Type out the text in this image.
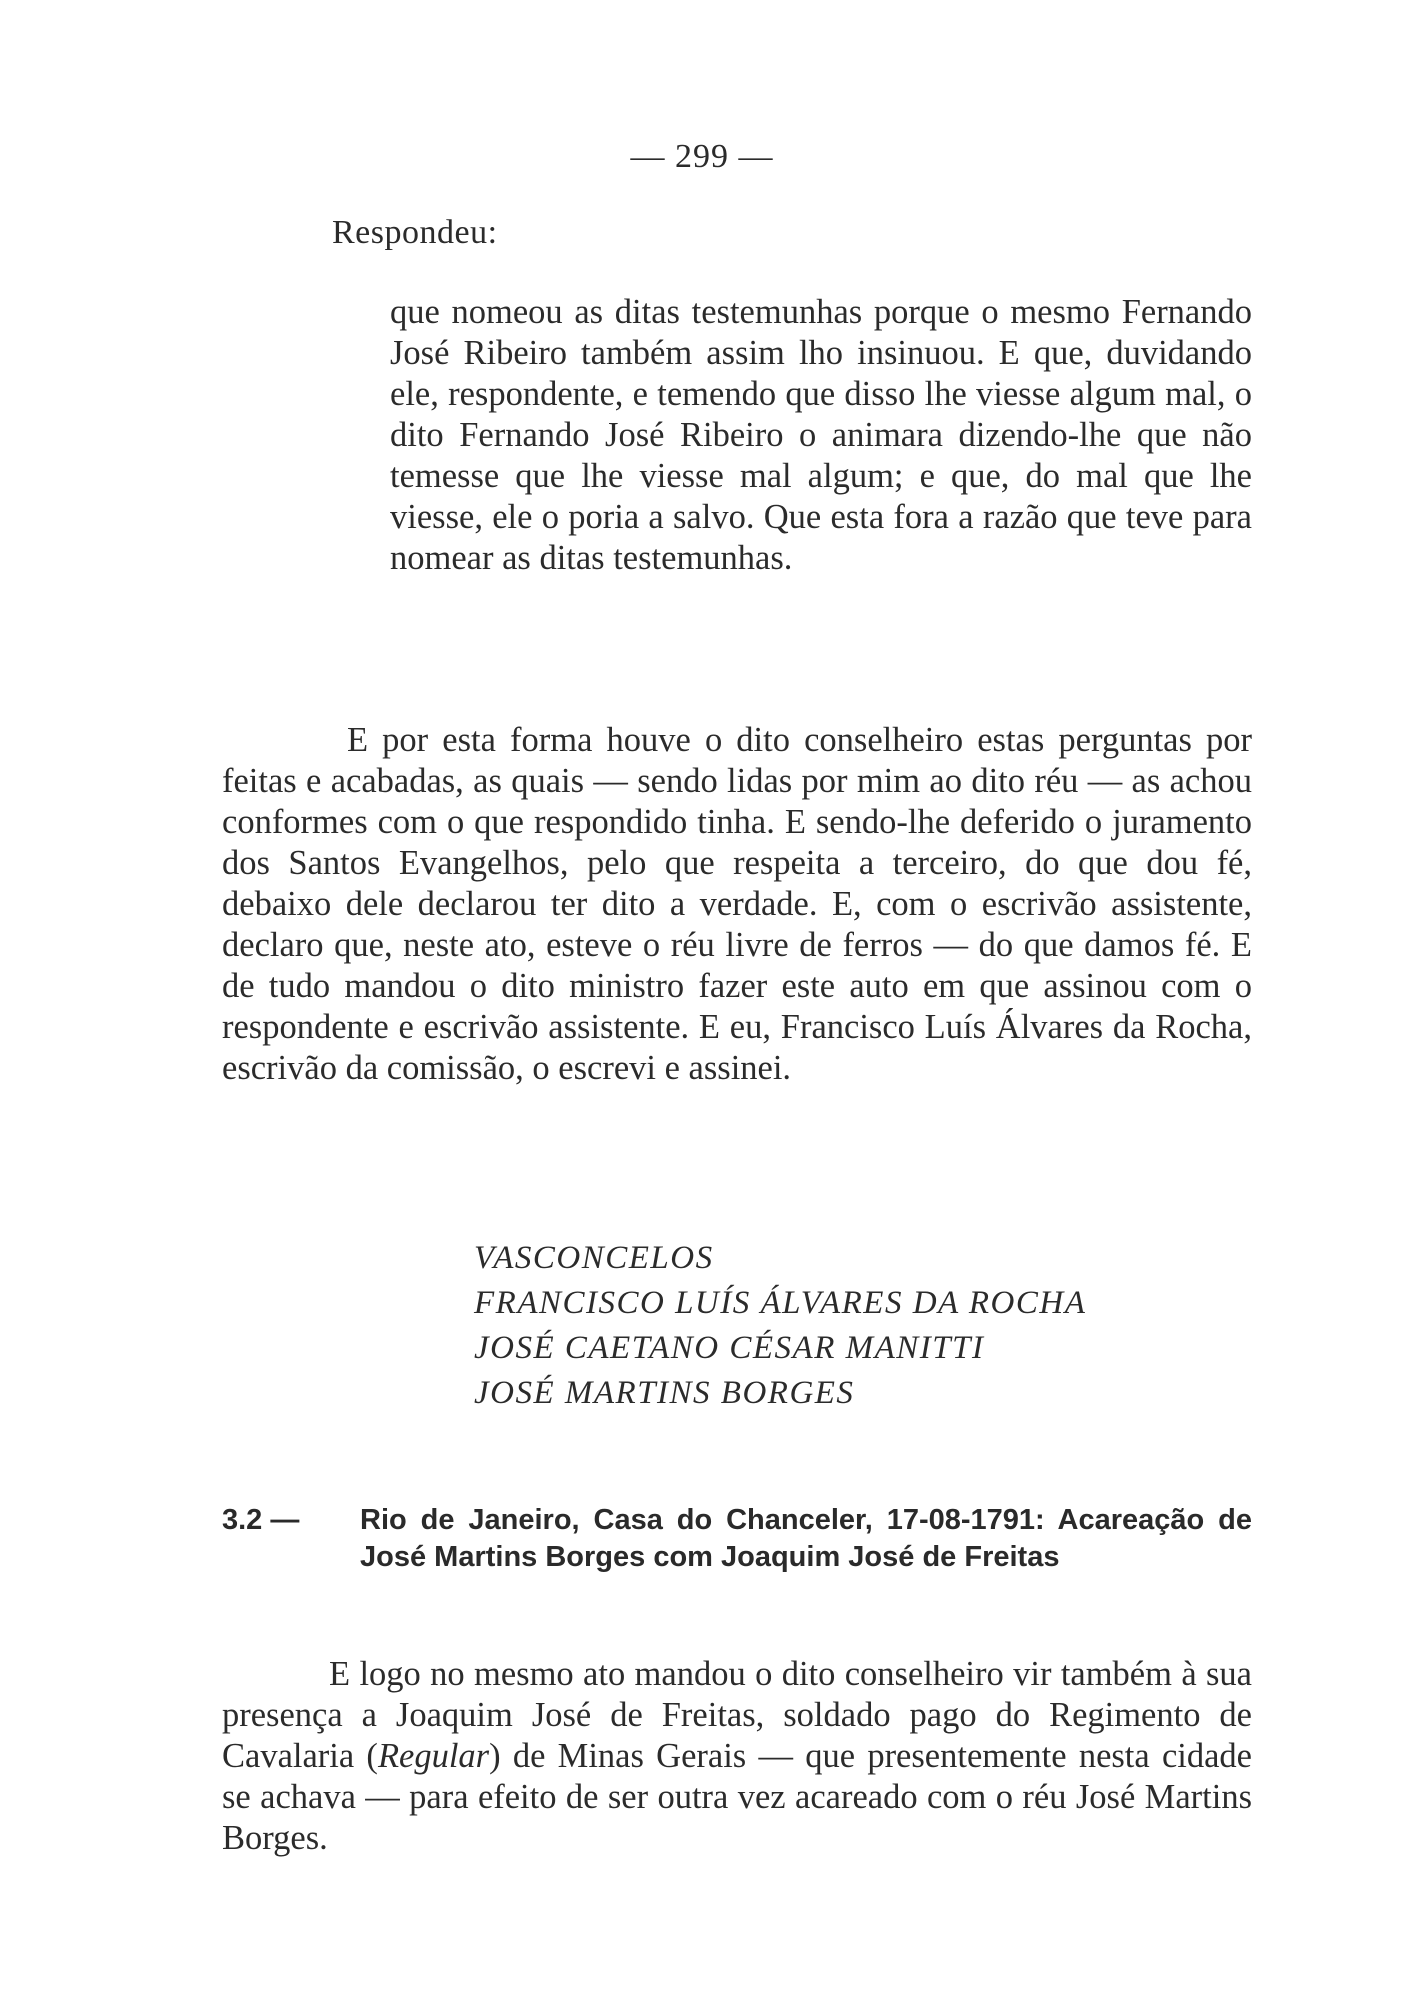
— 299 —
Respondeu:
que nomeou as ditas testemunhas porque o mesmo Fernando José Ribeiro também assim lho insinuou. E que, duvidando ele, respondente, e temendo que disso lhe viesse algum mal, o dito Fernando José Ribeiro o animara dizendo-lhe que não temesse que lhe viesse mal algum; e que, do mal que lhe viesse, ele o poria a salvo. Que esta fora a razão que teve para nomear as ditas testemunhas.
E por esta forma houve o dito conselheiro estas perguntas por feitas e acabadas, as quais — sendo lidas por mim ao dito réu — as achou conformes com o que respondido tinha. E sendo-lhe deferido o juramento dos Santos Evangelhos, pelo que respeita a terceiro, do que dou fé, debaixo dele declarou ter dito a verdade. E, com o escrivão assistente, declaro que, neste ato, esteve o réu livre de ferros — do que damos fé. E de tudo mandou o dito ministro fazer este auto em que assinou com o respondente e escrivão assistente. E eu, Francisco Luís Álvares da Rocha, escrivão da comissão, o escrevi e assinei.
VASCONCELOS
FRANCISCO LUÍS ÁLVARES DA ROCHA
JOSÉ CAETANO CÉSAR MANITTI
JOSÉ MARTINS BORGES
3.2 —	Rio de Janeiro, Casa do Chanceler, 17-08-1791: Acareação de José Martins Borges com Joaquim José de Freitas
E logo no mesmo ato mandou o dito conselheiro vir também à sua presença a Joaquim José de Freitas, soldado pago do Regimento de Cavalaria (Regular) de Minas Gerais — que presentemente nesta cidade se achava — para efeito de ser outra vez acareado com o réu José Martins Borges.
